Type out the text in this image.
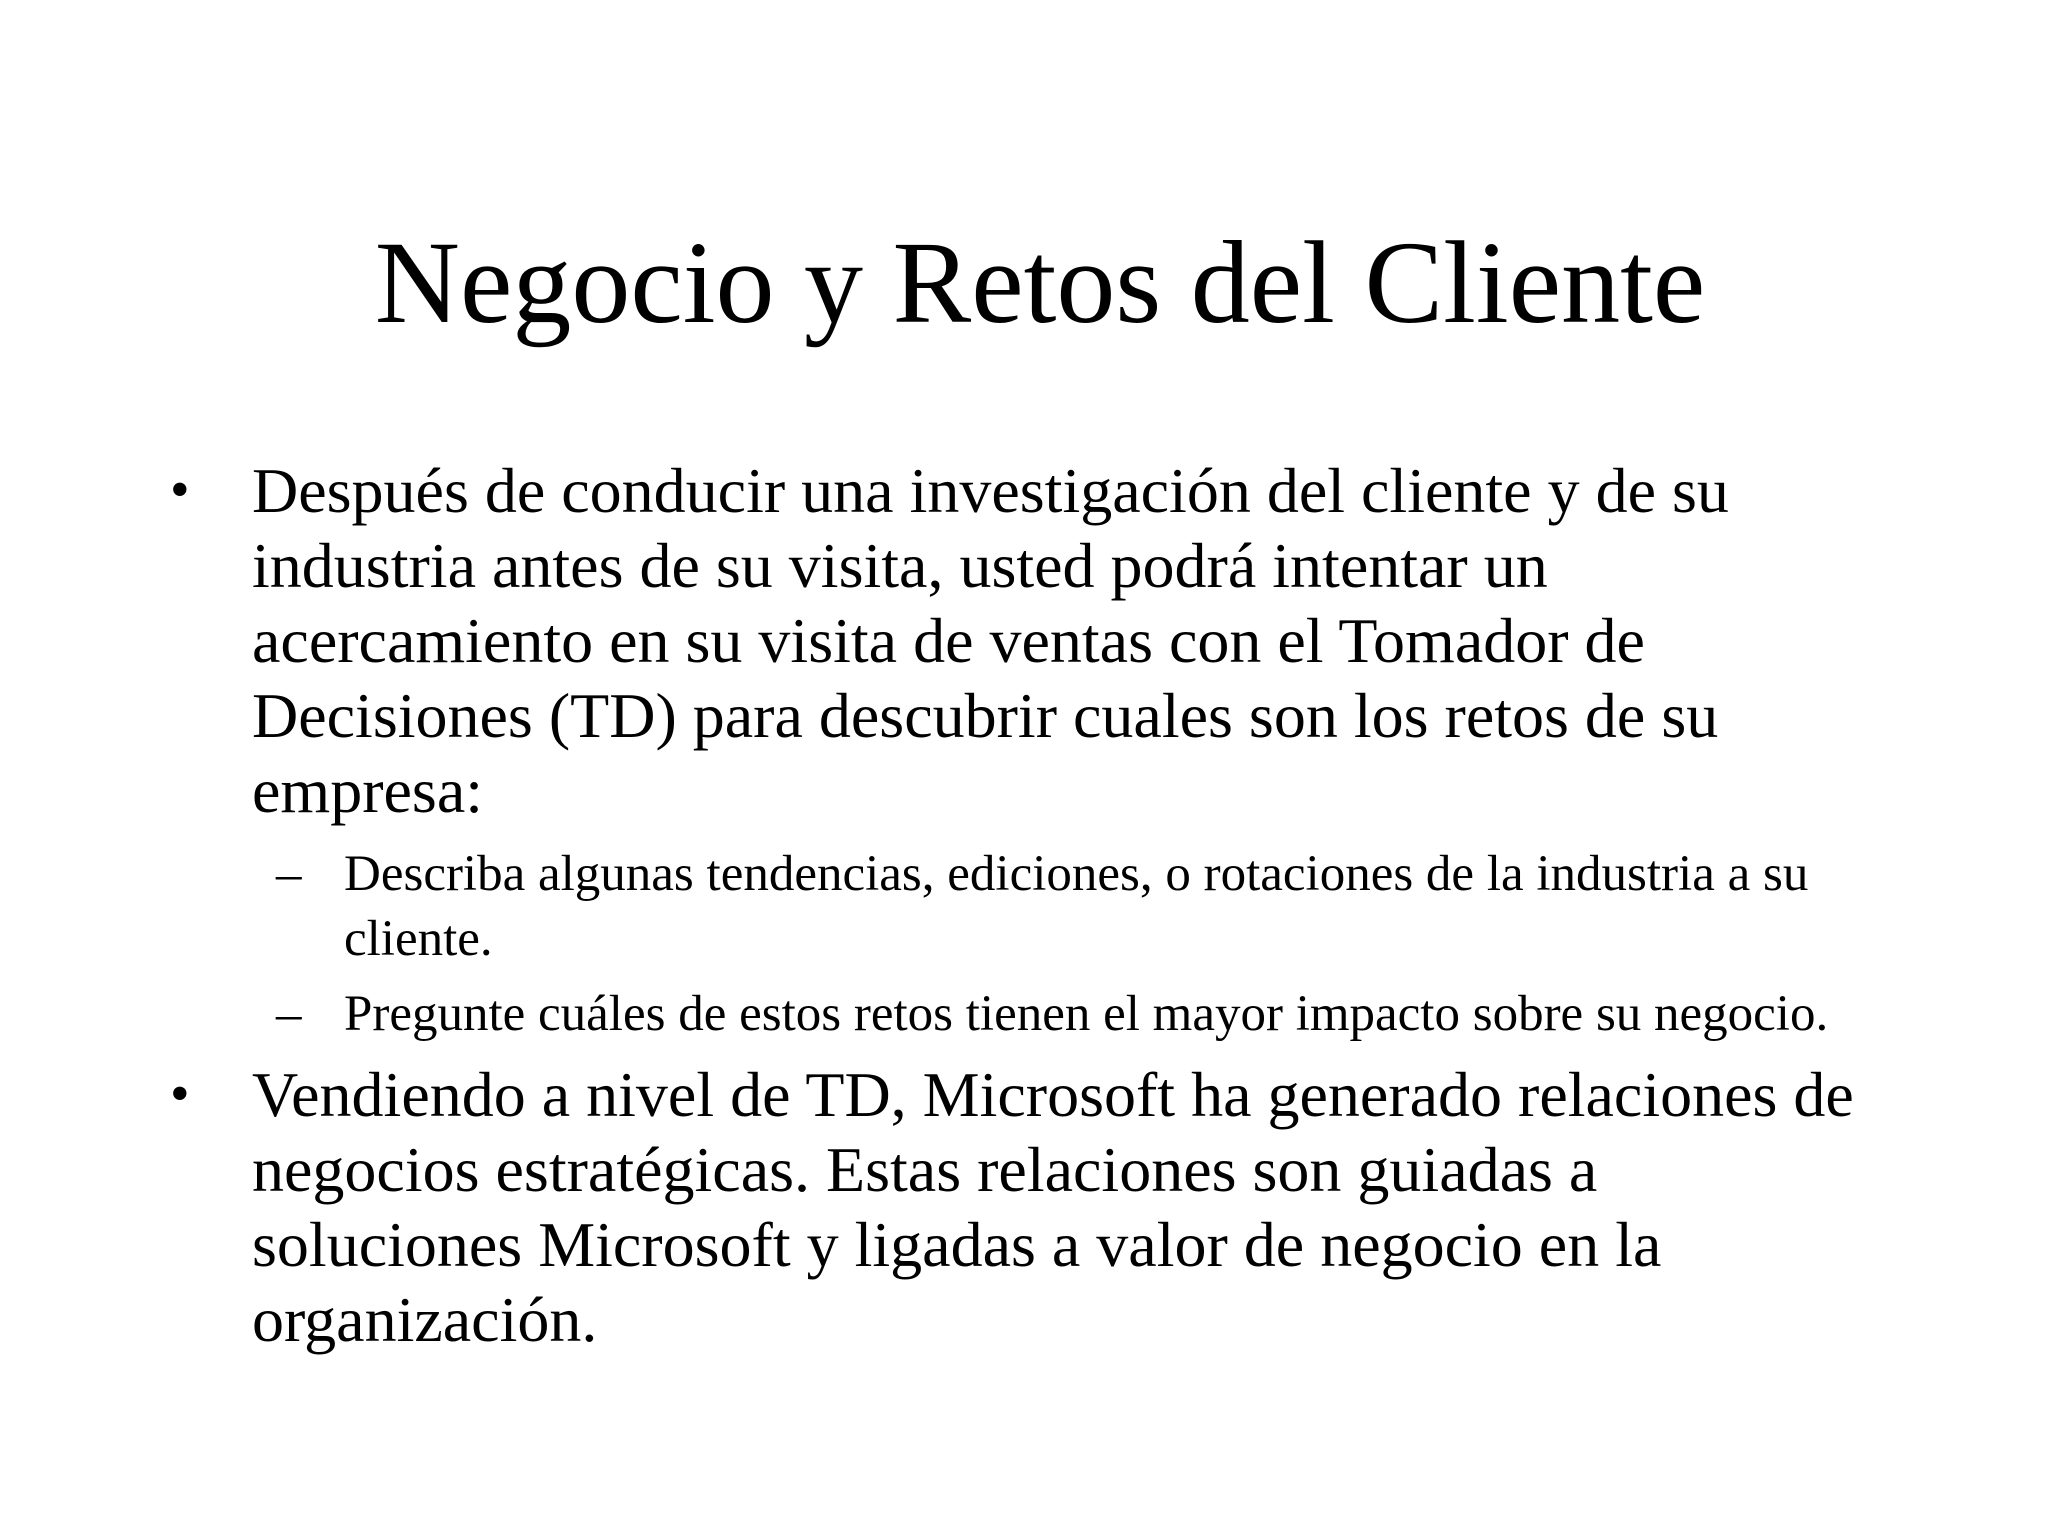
Negocio y Retos del Cliente
• Después de conducir una investigación del cliente y de su industria antes de su visita, usted podrá intentar un acercamiento en su visita de ventas con el Tomador de Decisiones (TD) para descubrir cuales son los retos de su empresa:
– Describa algunas tendencias, ediciones, o rotaciones de la industria a su cliente.
– Pregunte cuáles de estos retos tienen el mayor impacto sobre su negocio.
• Vendiendo a nivel de TD, Microsoft ha generado relaciones de negocios estratégicas. Estas relaciones son guiadas a soluciones Microsoft y ligadas a valor de negocio en la organización.
